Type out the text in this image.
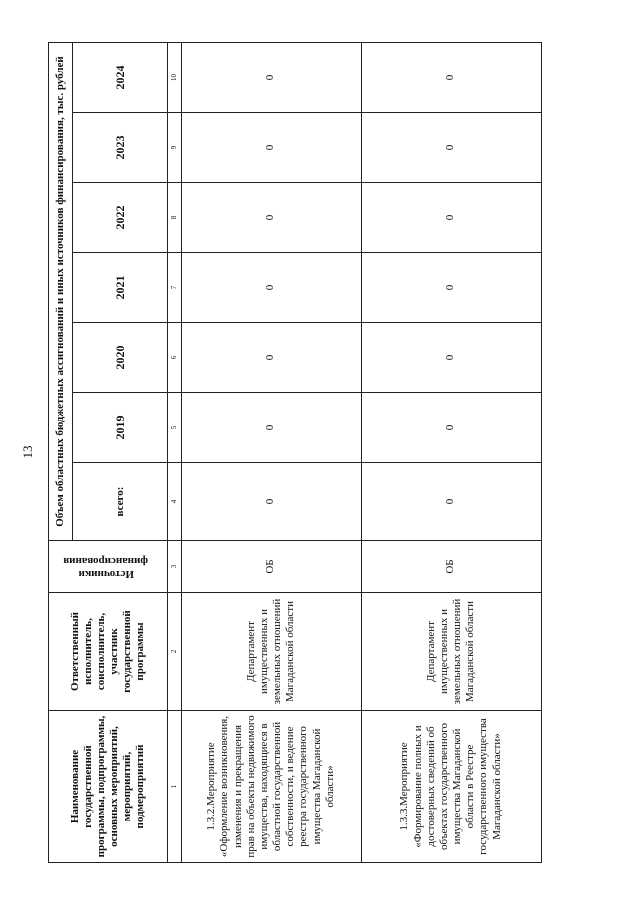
13
Наименование государственной программы, подпрограммы, основных мероприятий, мероприятий, подмероприятий	Ответственный исполнитель, соисполнитель, участник государственной программы	Источники финансирования	Объем областных бюджетных ассигнований и иных источников финансирования, тыс. рублей						
			всего:	2019	2020	2021	2022	2023	2024
1	2	3	4	5	6	7	8	9	10
1.3.2.Мероприятие «Оформление возникновения, изменения и прекращения прав на объекты недвижимого имущества, находящиеся в областной государственной собственности, и ведение реестра государственного имущества Магаданской области»	Департамент имущественных и земельных отношений Магаданской области	ОБ	0	0	0	0	0	0	0
1.3.3.Мероприятие «Формирование полных и достоверных сведений об объектах государственного имущества Магаданской области в Реестре государственного имущества Магаданской области»	Департамент имущественных и земельных отношений Магаданской области	ОБ	0	0	0	0	0	0	0
